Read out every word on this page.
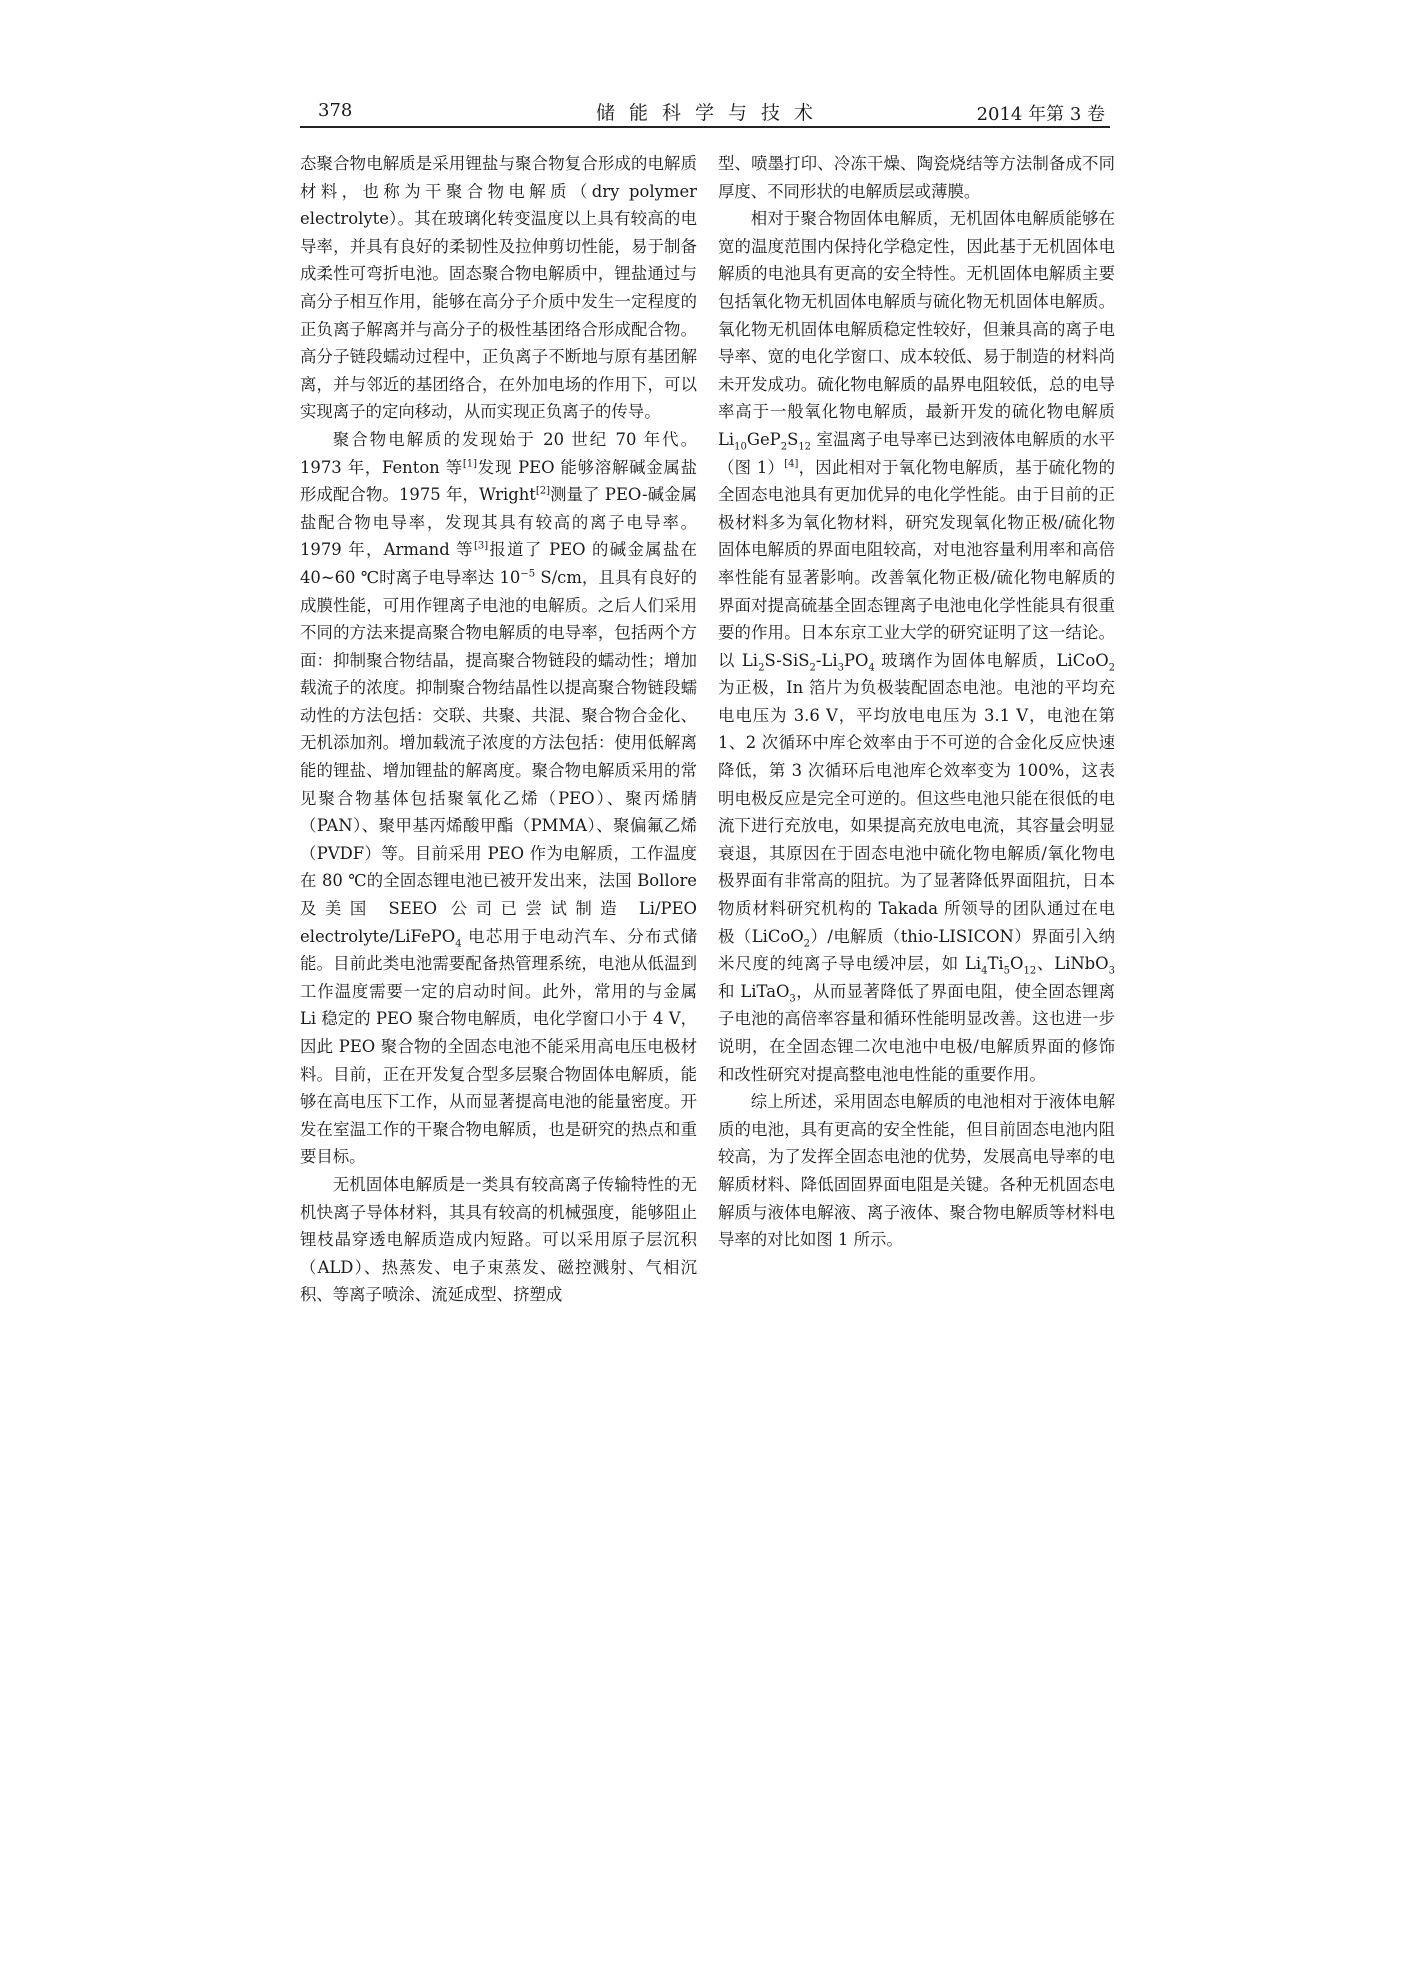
378	储能科学与技术	2014 年第 3 卷

态聚合物电解质是采用锂盐与聚合物复合形成的电解质材料，也称为干聚合物电解质（dry polymer electrolyte）。其在玻璃化转变温度以上具有较高的电导率，并具有良好的柔韧性及拉伸剪切性能，易于制备成柔性可弯折电池。固态聚合物电解质中，锂盐通过与高分子相互作用，能够在高分子介质中发生一定程度的正负离子解离并与高分子的极性基团络合形成配合物。高分子链段蠕动过程中，正负离子不断地与原有基团解离，并与邻近的基团络合，在外加电场的作用下，可以实现离子的定向移动，从而实现正负离子的传导。

聚合物电解质的发现始于 20 世纪 70 年代。1973 年，Fenton 等[1]发现 PEO 能够溶解碱金属盐形成配合物。1975 年，Wright[2]测量了 PEO-碱金属盐配合物电导率，发现其具有较高的离子电导率。1979 年，Armand 等[3]报道了 PEO 的碱金属盐在 40~60 ℃时离子电导率达 $10^{-5}$ S/cm，且具有良好的成膜性能，可用作锂离子电池的电解质。之后人们采用不同的方法来提高聚合物电解质的电导率，包括两个方面：抑制聚合物结晶，提高聚合物链段的蠕动性；增加载流子的浓度。抑制聚合物结晶性以提高聚合物链段蠕动性的方法包括：交联、共聚、共混、聚合物合金化、无机添加剂。增加载流子浓度的方法包括：使用低解离能的锂盐、增加锂盐的解离度。聚合物电解质采用的常见聚合物基体包括聚氧化乙烯（PEO）、聚丙烯腈（PAN）、聚甲基丙烯酸甲酯（PMMA）、聚偏氟乙烯（PVDF）等。目前采用 PEO 作为电解质，工作温度在 80 ℃的全固态锂电池已被开发出来，法国 Bollore 及美国 SEEO 公司已尝试制造 Li/PEO electrolyte/LiFePO$_4$ 电芯用于电动汽车、分布式储能。目前此类电池需要配备热管理系统，电池从低温到工作温度需要一定的启动时间。此外，常用的与金属 Li 稳定的 PEO 聚合物电解质，电化学窗口小于 4 V，因此 PEO 聚合物的全固态电池不能采用高电压电极材料。目前，正在开发复合型多层聚合物固体电解质，能够在高电压下工作，从而显著提高电池的能量密度。开发在室温工作的干聚合物电解质，也是研究的热点和重要目标。

无机固体电解质是一类具有较高离子传输特性的无机快离子导体材料，其具有较高的机械强度，能够阻止锂枝晶穿透电解质造成内短路。可以采用原子层沉积（ALD）、热蒸发、电子束蒸发、磁控溅射、气相沉积、等离子喷涂、流延成型、挤塑成

型、喷墨打印、冷冻干燥、陶瓷烧结等方法制备成不同厚度、不同形状的电解质层或薄膜。

相对于聚合物固体电解质，无机固体电解质能够在宽的温度范围内保持化学稳定性，因此基于无机固体电解质的电池具有更高的安全特性。无机固体电解质主要包括氧化物无机固体电解质与硫化物无机固体电解质。氧化物无机固体电解质稳定性较好，但兼具高的离子电导率、宽的电化学窗口、成本较低、易于制造的材料尚未开发成功。硫化物电解质的晶界电阻较低，总的电导率高于一般氧化物电解质，最新开发的硫化物电解质 $Li_{10}GeP_2S_{12}$ 室温离子电导率已达到液体电解质的水平（图 1）[4]，因此相对于氧化物电解质，基于硫化物的全固态电池具有更加优异的电化学性能。由于目前的正极材料多为氧化物材料，研究发现氧化物正极/硫化物固体电解质的界面电阻较高，对电池容量利用率和高倍率性能有显著影响。改善氧化物正极/硫化物电解质的界面对提高硫基全固态锂离子电池电化学性能具有很重要的作用。日本东京工业大学的研究证明了这一结论。以 $Li_2S-SiS_2-Li_3PO_4$ 玻璃作为固体电解质，LiCoO$_2$ 为正极，In 箔片为负极装配固态电池。电池的平均充电电压为 3.6 V，平均放电电压为 3.1 V，电池在第 1、2 次循环中库仑效率由于不可逆的合金化反应快速降低，第 3 次循环后电池库仑效率变为 100%，这表明电极反应是完全可逆的。但这些电池只能在很低的电流下进行充放电，如果提高充放电电流，其容量会明显衰退，其原因在于固态电池中硫化物电解质/氧化物电极界面有非常高的阻抗。为了显著降低界面阻抗，日本物质材料研究机构的 Takada 所领导的团队通过在电极（LiCoO$_2$）/电解质（thio-LISICON）界面引入纳米尺度的纯离子导电缓冲层，如 $Li_4Ti_5O_{12}$、LiNbO$_3$ 和 LiTaO$_3$，从而显著降低了界面电阻，使全固态锂离子电池的高倍率容量和循环性能明显改善。这也进一步说明，在全固态锂二次电池中电极/电解质界面的修饰和改性研究对提高整电池电性能的重要作用。

综上所述，采用固态电解质的电池相对于液体电解质的电池，具有更高的安全性能，但目前固态电池内阻较高，为了发挥全固态电池的优势，发展高电导率的电解质材料、降低固固界面电阻是关键。各种无机固态电解质与液体电解液、离子液体、聚合物电解质等材料电导率的对比如图 1 所示。
